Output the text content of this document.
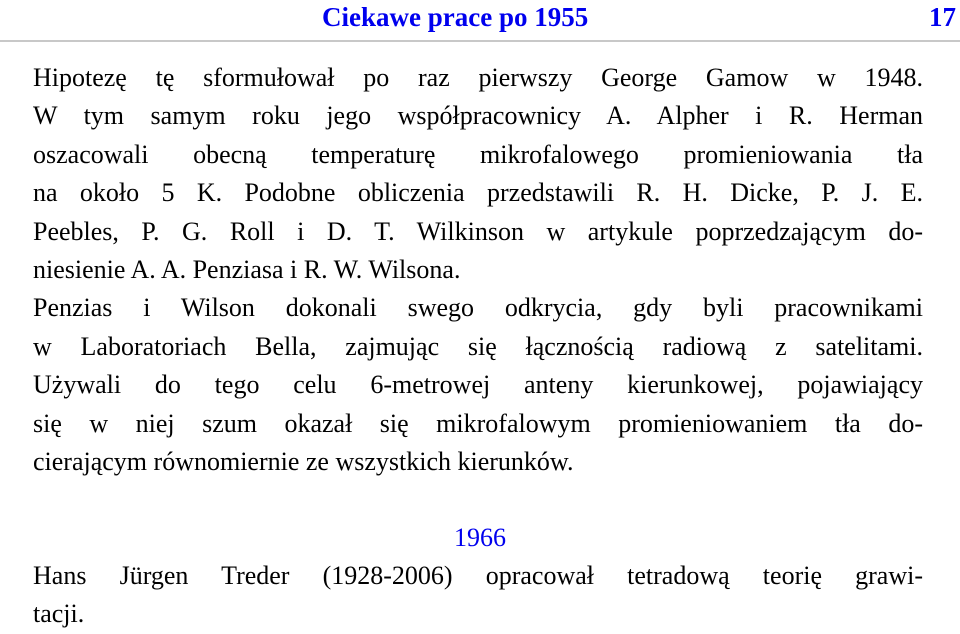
Ciekawe prace po 1955	17
Hipotezę tę sformułował po raz pierwszy George Gamow w 1948.
W tym samym roku jego współpracownicy A. Alpher i R. Herman
oszacowali obecną temperaturę mikrofalowego promieniowania tła
na około 5 K. Podobne obliczenia przedstawili R. H. Dicke, P. J. E.
Peebles, P. G. Roll i D. T. Wilkinson w artykule poprzedzającym do-
niesienie A. A. Penziasa i R. W. Wilsona.
Penzias i Wilson dokonali swego odkrycia, gdy byli pracownikami
w Laboratoriach Bella, zajmując się łącznością radiową z satelitami.
Używali do tego celu 6-metrowej anteny kierunkowej, pojawiający
się w niej szum okazał się mikrofalowym promieniowaniem tła do-
cierającym równomiernie ze wszystkich kierunków.
1966
Hans Jürgen Treder (1928-2006) opracował tetradową teorię grawi-
tacji.
